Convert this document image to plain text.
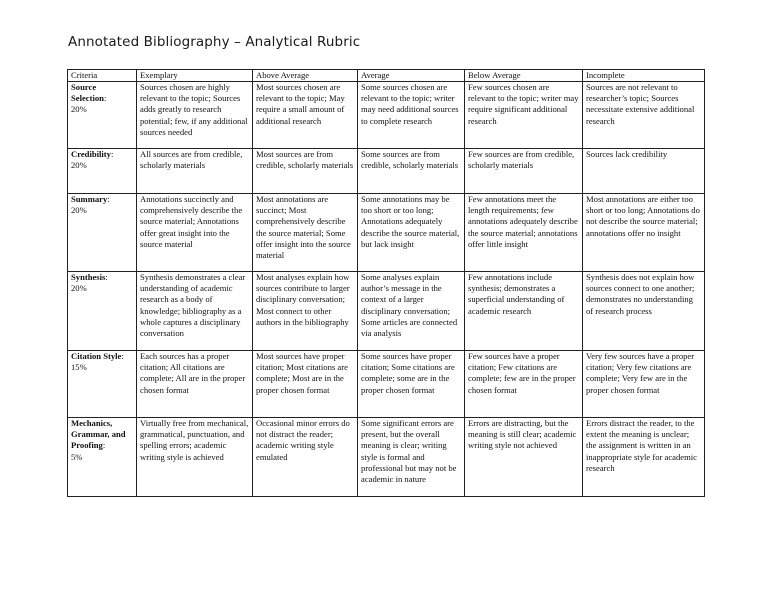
Annotated Bibliography – Analytical Rubric
Criteria	Exemplary	Above Average	Average	Below Average	Incomplete
Source Selection:
20%	Sources chosen are highly relevant to the topic; Sources adds greatly to research potential; few, if any additional sources needed	Most sources chosen are relevant to the topic; May require a small amount of additional research	Some sources chosen are relevant to the topic; writer may need additional sources to complete research	Few sources chosen are relevant to the topic; writer may require significant additional research	Sources are not relevant to researcher’s topic; Sources necessitate extensive additional research
Credibility:
20%	All sources are from credible, scholarly materials	Most sources are from credible, scholarly materials	Some sources are from credible, scholarly materials	Few sources are from credible, scholarly materials	Sources lack credibility
Summary:
20%	Annotations succinctly and comprehensively describe the source material; Annotations offer great insight into the source material	Most annotations are succinct; Most comprehensively describe the source material; Some offer insight into the source material	Some annotations may be too short or too long; Annotations adequately describe the source material, but lack insight	Few annotations meet the length requirements; few annotations adequately describe the source material; annotations offer little insight	Most annotations are either too short or too long; Annotations do not describe the source material; annotations offer no insight
Synthesis:
20%	Synthesis demonstrates a clear understanding of academic research as a body of knowledge; bibliography as a whole captures a disciplinary conversation	Most analyses explain how sources contribute to larger disciplinary conversation; Most connect to other authors in the bibliography	Some analyses explain author’s message in the context of a larger disciplinary conversation; Some articles are connected via analysis	Few annotations include synthesis; demonstrates a superficial understanding of academic research	Synthesis does not explain how sources connect to one another; demonstrates no understanding of research process
Citation Style:
15%	Each sources has a proper citation; All citations are complete; All are in the proper chosen format	Most sources have proper citation; Most citations are complete; Most are in the proper chosen format	Some sources have proper citation; Some citations are complete; some are in the proper chosen format	Few sources have a proper citation; Few citations are complete; few are in the proper chosen format	Very few sources have a proper citation; Very few citations are complete; Very few are in the proper chosen format
Mechanics, Grammar, and Proofing:
5%	Virtually free from mechanical, grammatical, punctuation, and spelling errors; academic writing style is achieved	Occasional minor errors do not distract the reader; academic writing style emulated	Some significant errors are present, but the overall meaning is clear; writing style is formal and professional but may not be academic in nature	Errors are distracting, but the meaning is still clear; academic writing style not achieved	Errors distract the reader, to the extent the meaning is unclear; the assignment is written in an inappropriate style for academic research
